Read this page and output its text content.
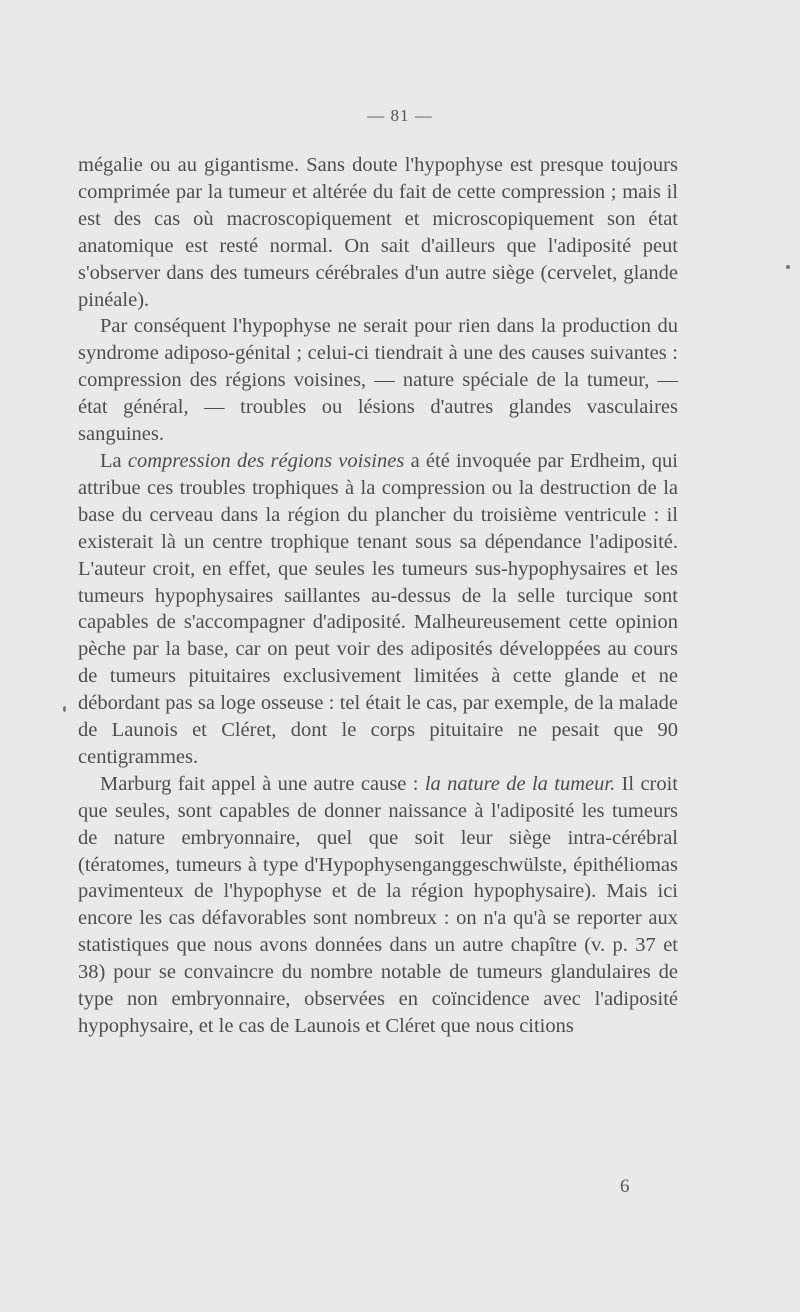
— 81 —

mégalie ou au gigantisme. Sans doute l'hypophyse est presque toujours comprimée par la tumeur et altérée du fait de cette compression ; mais il est des cas où macroscopiquement et microscopiquement son état anatomique est resté normal. On sait d'ailleurs que l'adiposité peut s'observer dans des tumeurs cérébrales d'un autre siège (cervelet, glande pinéale).

Par conséquent l'hypophyse ne serait pour rien dans la production du syndrome adiposo-génital ; celui-ci tiendrait à une des causes suivantes : compression des régions voisines, — nature spéciale de la tumeur, — état général, — troubles ou lésions d'autres glandes vasculaires sanguines.

La compression des régions voisines a été invoquée par Erdheim, qui attribue ces troubles trophiques à la compression ou la destruction de la base du cerveau dans la région du plancher du troisième ventricule : il existerait là un centre trophique tenant sous sa dépendance l'adiposité. L'auteur croit, en effet, que seules les tumeurs sus-hypophysaires et les tumeurs hypophysaires saillantes au-dessus de la selle turcique sont capables de s'accompagner d'adiposité. Malheureusement cette opinion pèche par la base, car on peut voir des adiposités développées au cours de tumeurs pituitaires exclusivement limitées à cette glande et ne débordant pas sa loge osseuse : tel était le cas, par exemple, de la malade de Launois et Cléret, dont le corps pituitaire ne pesait que 90 centigrammes.

Marburg fait appel à une autre cause : la nature de la tumeur. Il croit que seules, sont capables de donner naissance à l'adiposité les tumeurs de nature embryonnaire, quel que soit leur siège intra-cérébral (tératomes, tumeurs à type d'Hypophysenganggeschwülste, épithéliomas pavimenteux de l'hypophyse et de la région hypophysaire). Mais ici encore les cas défavorables sont nombreux : on n'a qu'à se reporter aux statistiques que nous avons données dans un autre chapître (v. p. 37 et 38) pour se convaincre du nombre notable de tumeurs glandulaires de type non embryonnaire, observées en coïncidence avec l'adiposité hypophysaire, et le cas de Launois et Cléret que nous citions

6
